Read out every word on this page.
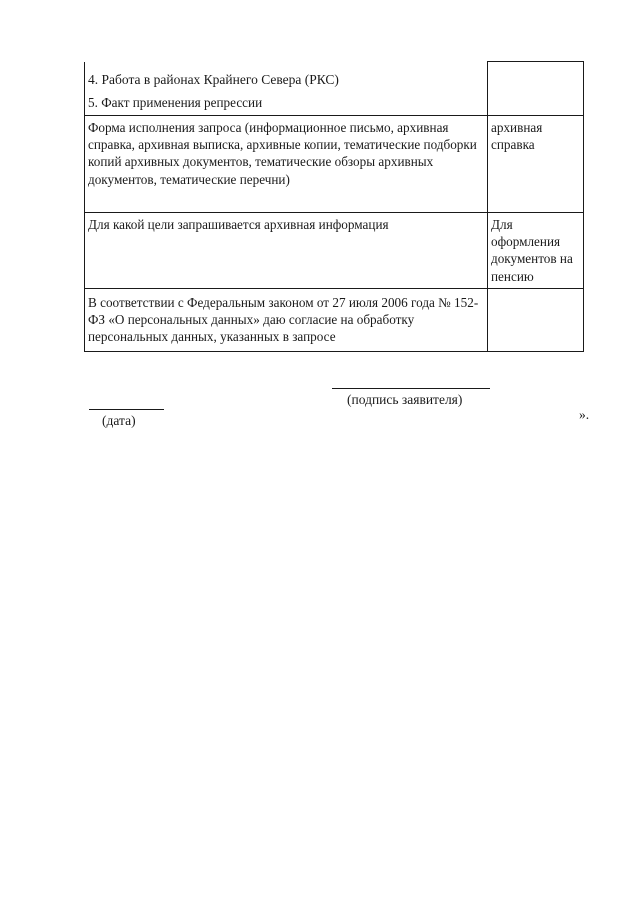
4. Работа в районах Крайнего Севера (РКС)
5. Факт применения репрессии	

Форма исполнения запроса (информационное письмо, архивная справка, архивная выписка, архивные копии, тематические подборки копий архивных документов, тематические обзоры архивных документов, тематические перечни)	архивная справка

Для какой цели запрашивается архивная информация	Для оформления документов на пенсию

В соответствии с Федеральным законом от 27 июля 2006 года № 152-ФЗ «О персональных данных» даю согласие на обработку персональных данных, указанных в запросе	

(подпись заявителя)
(дата)	».
